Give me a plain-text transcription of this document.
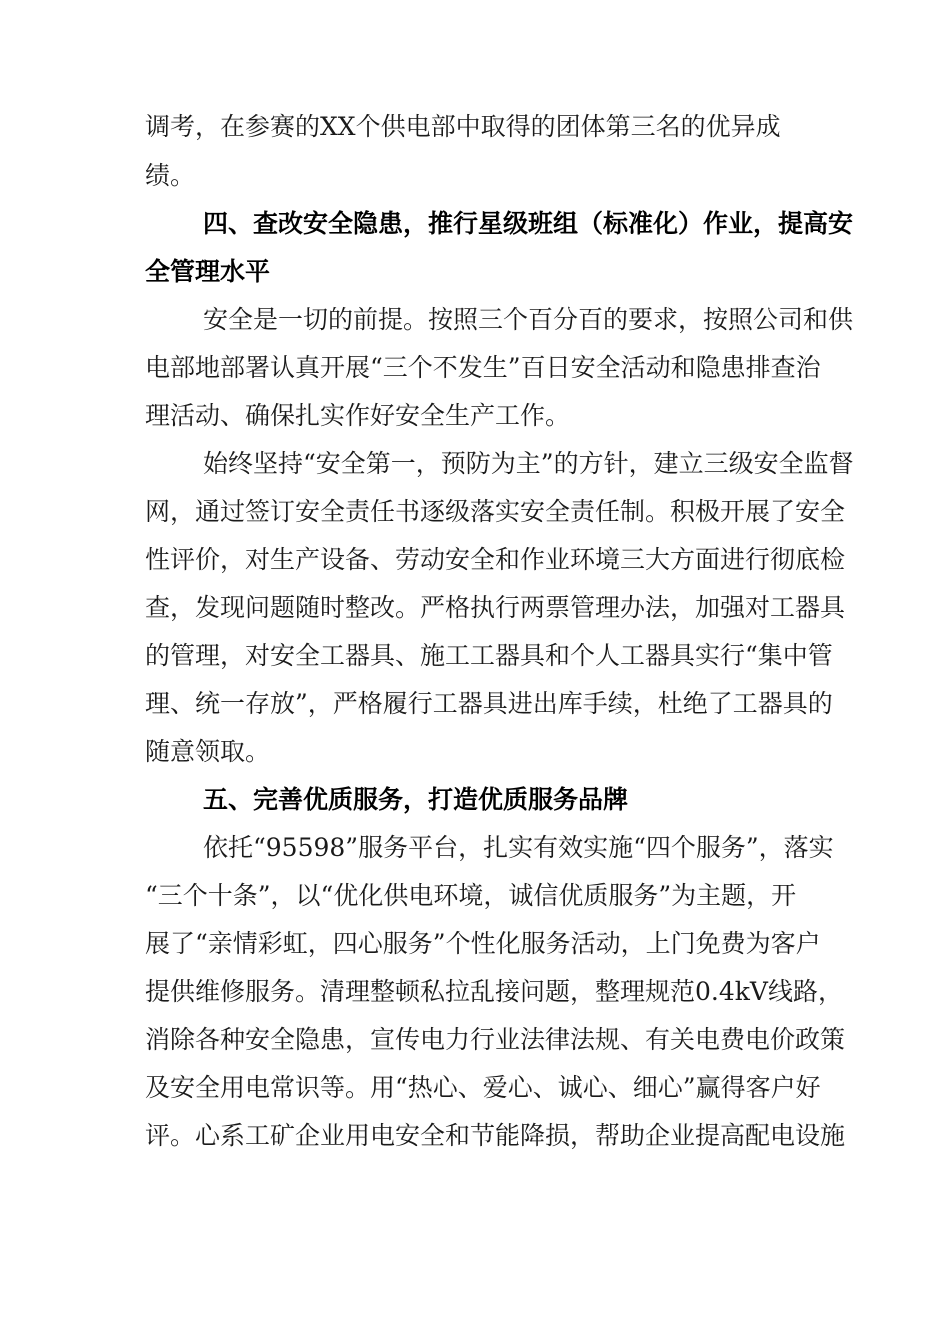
调考，在参赛的XX个供电部中取得的团体第三名的优异成
绩。
四、查改安全隐患，推行星级班组（标准化）作业，提高安
全管理水平
安全是一切的前提。按照三个百分百的要求，按照公司和供
电部地部署认真开展“三个不发生”百日安全活动和隐患排查治
理活动、确保扎实作好安全生产工作。
始终坚持“安全第一，预防为主”的方针，建立三级安全监督
网，通过签订安全责任书逐级落实安全责任制。积极开展了安全
性评价，对生产设备、劳动安全和作业环境三大方面进行彻底检
查，发现问题随时整改。严格执行两票管理办法，加强对工器具
的管理，对安全工器具、施工工器具和个人工器具实行“集中管
理、统一存放”，严格履行工器具进出库手续，杜绝了工器具的
随意领取。
五、完善优质服务，打造优质服务品牌
依托“95598”服务平台，扎实有效实施“四个服务”，落实
“三个十条”，以“优化供电环境，诚信优质服务”为主题，开
展了“亲情彩虹，四心服务”个性化服务活动，上门免费为客户
提供维修服务。清理整顿私拉乱接问题，整理规范0.4kV线路，
消除各种安全隐患，宣传电力行业法律法规、有关电费电价政策
及安全用电常识等。用“热心、爱心、诚心、细心”赢得客户好
评。心系工矿企业用电安全和节能降损，帮助企业提高配电设施
